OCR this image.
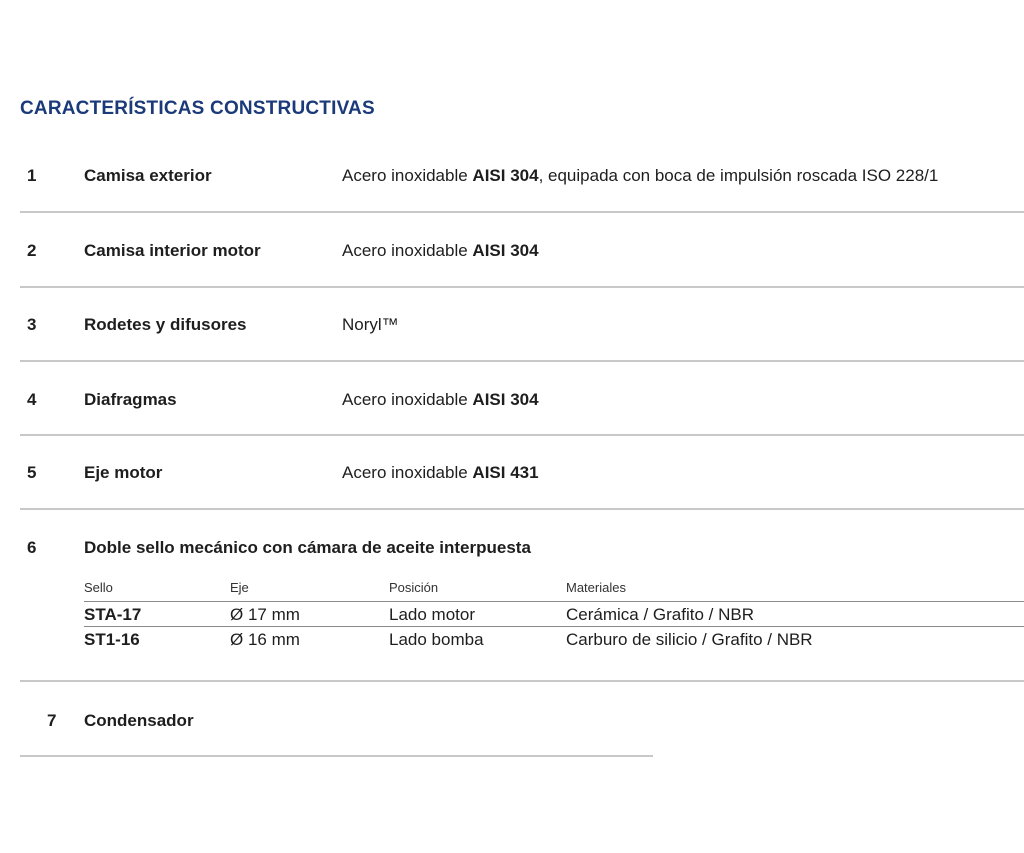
CARACTERÍSTICAS CONSTRUCTIVAS
1	Camisa exterior	Acero inoxidable AISI 304, equipada con boca de impulsión roscada ISO 228/1
2	Camisa interior motor	Acero inoxidable AISI 304
3	Rodetes y difusores	Noryl™
4	Diafragmas	Acero inoxidable AISI 304
5	Eje motor	Acero inoxidable AISI 431
6	Doble sello mecánico con cámara de aceite interpuesta
Sello	Eje	Posición	Materiales
STA-17	Ø 17 mm	Lado motor	Cerámica / Grafito / NBR
ST1-16	Ø 16 mm	Lado bomba	Carburo de silicio / Grafito / NBR
7 Condensador
